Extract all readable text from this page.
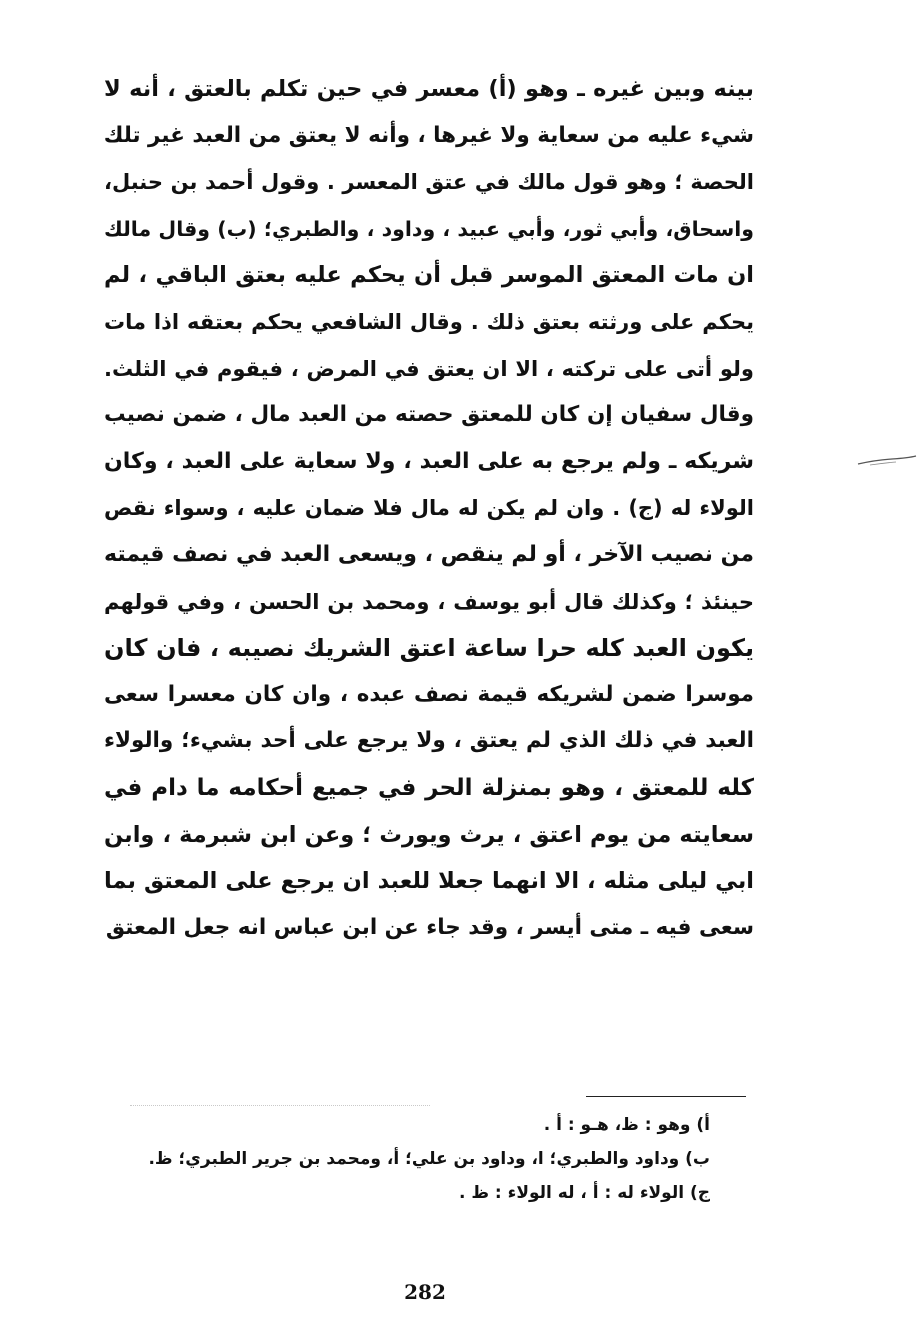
بينه وبين غيره ـ وهو (أ) معسر في حين تكلم بالعتق ، أنه لا
شيء عليه من سعاية ولا غيرها ، وأنه لا يعتق من العبد غير تلك
الحصة ؛ وهو قول مالك في عتق المعسر . وقول أحمد بن حنبل،
واسحاق، وأبي ثور، وأبي عبيد ، وداود ، والطبري؛ (ب) وقال مالك
ان مات المعتق الموسر قبل أن يحكم عليه بعتق الباقي ، لم
يحكم على ورثته بعتق ذلك . وقال الشافعي يحكم بعتقه اذا مات
ولو أتى على تركته ، الا ان يعتق في المرض ، فيقوم في الثلث.
وقال سفيان إن كان للمعتق حصته من العبد مال ، ضمن نصيب
شريكه ـ ولم يرجع به على العبد ، ولا سعاية على العبد ، وكان
الولاء له (ج) . وان لم يكن له مال فلا ضمان عليه ، وسواء نقص
من نصيب الآخر ، أو لم ينقص ، ويسعى العبد في نصف قيمته
حينئذ ؛ وكذلك قال أبو يوسف ، ومحمد بن الحسن ، وفي قولهم
يكون العبد كله حرا ساعة اعتق الشريك نصيبه ، فان كان
موسرا ضمن لشريكه قيمة نصف عبده ، وان كان معسرا سعى
العبد في ذلك الذي لم يعتق ، ولا يرجع على أحد بشيء؛ والولاء
كله للمعتق ، وهو بمنزلة الحر في جميع أحكامه ما دام في
سعايته من يوم اعتق ، يرث ويورث ؛ وعن ابن شبرمة ، وابن
ابي ليلى مثله ، الا انهما جعلا للعبد ان يرجع على المعتق بما
سعى فيه ـ متى أيسر ، وقد جاء عن ابن عباس انه جعل المعتق
أ) وهو : ظ، هـو : أ .
ب) وداود والطبري؛ ا، وداود بن علي؛ أ، ومحمد بن جرير الطبري؛ ظ.
ج) الولاء له : أ ، له الولاء : ظ .
282
